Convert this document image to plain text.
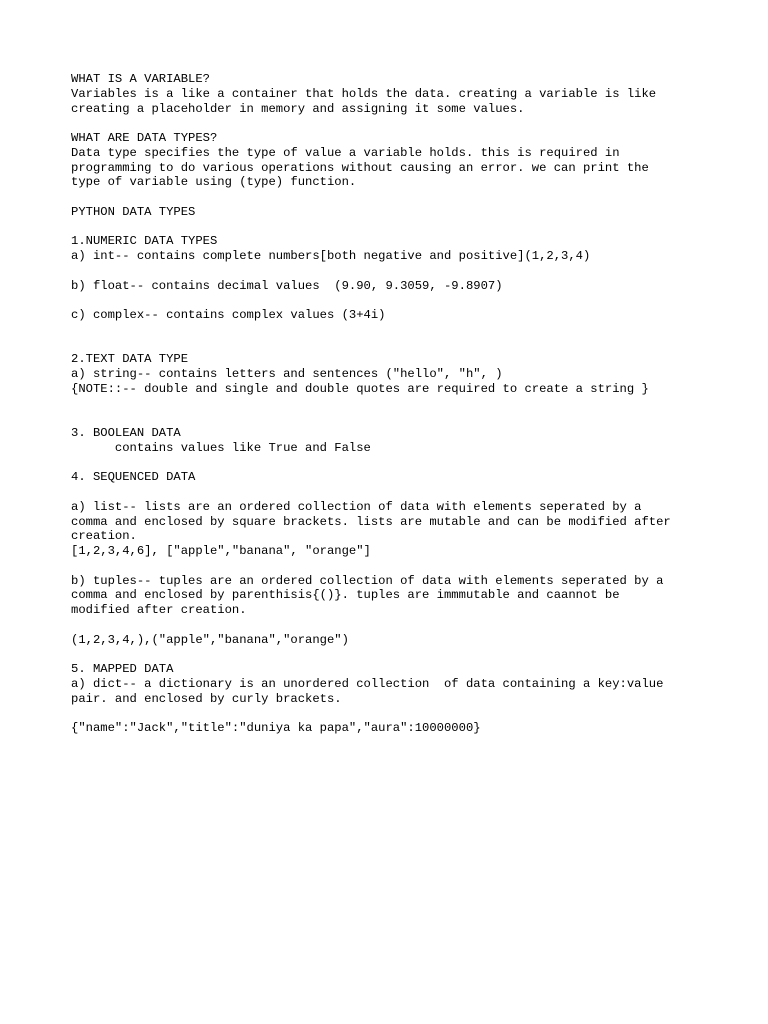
WHAT IS A VARIABLE?
Variables is a like a container that holds the data. creating a variable is like
creating a placeholder in memory and assigning it some values.
WHAT ARE DATA TYPES?
Data type specifies the type of value a variable holds. this is required in
programming to do various operations without causing an error. we can print the
type of variable using (type) function.
PYTHON DATA TYPES
1.NUMERIC DATA TYPES
a) int-- contains complete numbers[both negative and positive](1,2,3,4)
b) float-- contains decimal values  (9.90, 9.3059, -9.8907)
c) complex-- contains complex values (3+4i)
2.TEXT DATA TYPE
a) string-- contains letters and sentences ("hello", "h", )
{NOTE::-- double and single and double quotes are required to create a string }
3. BOOLEAN DATA
contains values like True and False
4. SEQUENCED DATA
a) list-- lists are an ordered collection of data with elements seperated by a
comma and enclosed by square brackets. lists are mutable and can be modified after
creation.
[1,2,3,4,6], ["apple","banana", "orange"]
b) tuples-- tuples are an ordered collection of data with elements seperated by a
comma and enclosed by parenthisis{()}. tuples are immmutable and caannot be
modified after creation.
(1,2,3,4,),("apple","banana","orange")
5. MAPPED DATA
a) dict-- a dictionary is an unordered collection  of data containing a key:value
pair. and enclosed by curly brackets.
{"name":"Jack","title":"duniya ka papa","aura":10000000}
